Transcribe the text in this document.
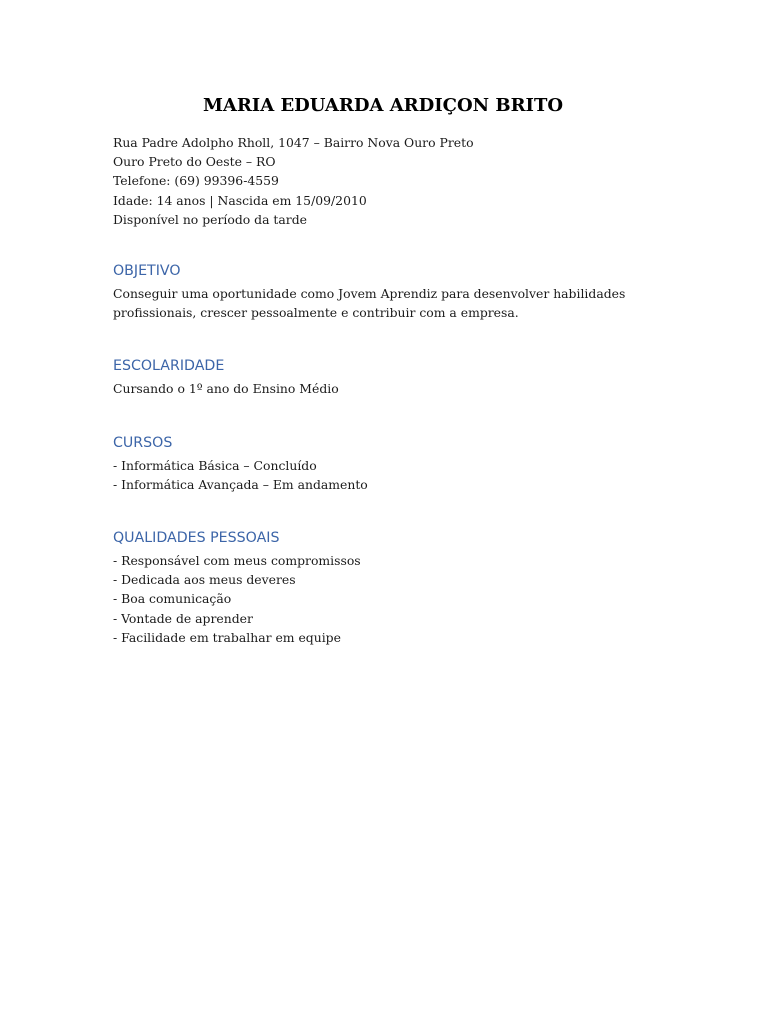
MARIA EDUARDA ARDIÇON BRITO
Rua Padre Adolpho Rholl, 1047 – Bairro Nova Ouro Preto
Ouro Preto do Oeste – RO
Telefone: (69) 99396-4559
Idade: 14 anos | Nascida em 15/09/2010
Disponível no período da tarde
OBJETIVO
Conseguir uma oportunidade como Jovem Aprendiz para desenvolver habilidades
profissionais, crescer pessoalmente e contribuir com a empresa.
ESCOLARIDADE
Cursando o 1º ano do Ensino Médio
CURSOS
- Informática Básica – Concluído
- Informática Avançada – Em andamento
QUALIDADES PESSOAIS
- Responsável com meus compromissos
- Dedicada aos meus deveres
- Boa comunicação
- Vontade de aprender
- Facilidade em trabalhar em equipe
